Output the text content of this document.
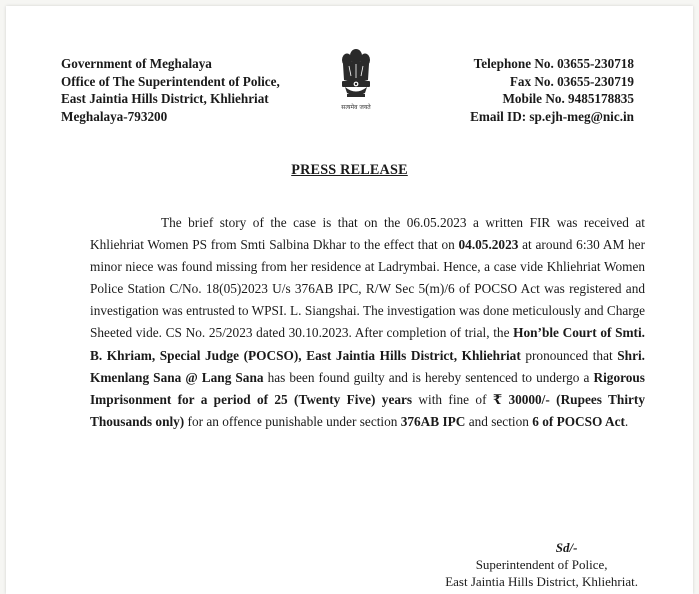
Government of Meghalaya
Office of The Superintendent of Police,
East Jaintia Hills District, Khliehriat
Meghalaya-793200
सत्यमेव जयते
Telephone No. 03655-230718
Fax No. 03655-230719
Mobile No. 9485178835
Email ID: sp.ejh-meg@nic.in
PRESS RELEASE

The brief story of the case is that on the 06.05.2023 a written FIR was received at Khliehriat Women PS from Smti Salbina Dkhar to the effect that on 04.05.2023 at around 6:30 AM her minor niece was found missing from her residence at Ladrymbai. Hence, a case vide Khliehriat Women Police Station C/No. 18(05)2023 U/s 376AB IPC, R/W Sec 5(m)/6 of POCSO Act was registered and investigation was entrusted to WPSI. L. Siangshai. The investigation was done meticulously and Charge Sheeted vide. CS No. 25/2023 dated 30.10.2023. After completion of trial, the Hon’ble Court of Smti. B. Khriam, Special Judge (POCSO), East Jaintia Hills District, Khliehriat pronounced that Shri. Kmenlang Sana @ Lang Sana has been found guilty and is hereby sentenced to undergo a Rigorous Imprisonment for a period of 25 (Twenty Five) years with fine of ₹ 30000/- (Rupees Thirty Thousands only) for an offence punishable under section 376AB IPC and section 6 of POCSO Act.

Sd/-
Superintendent of Police,
East Jaintia Hills District, Khliehriat.
